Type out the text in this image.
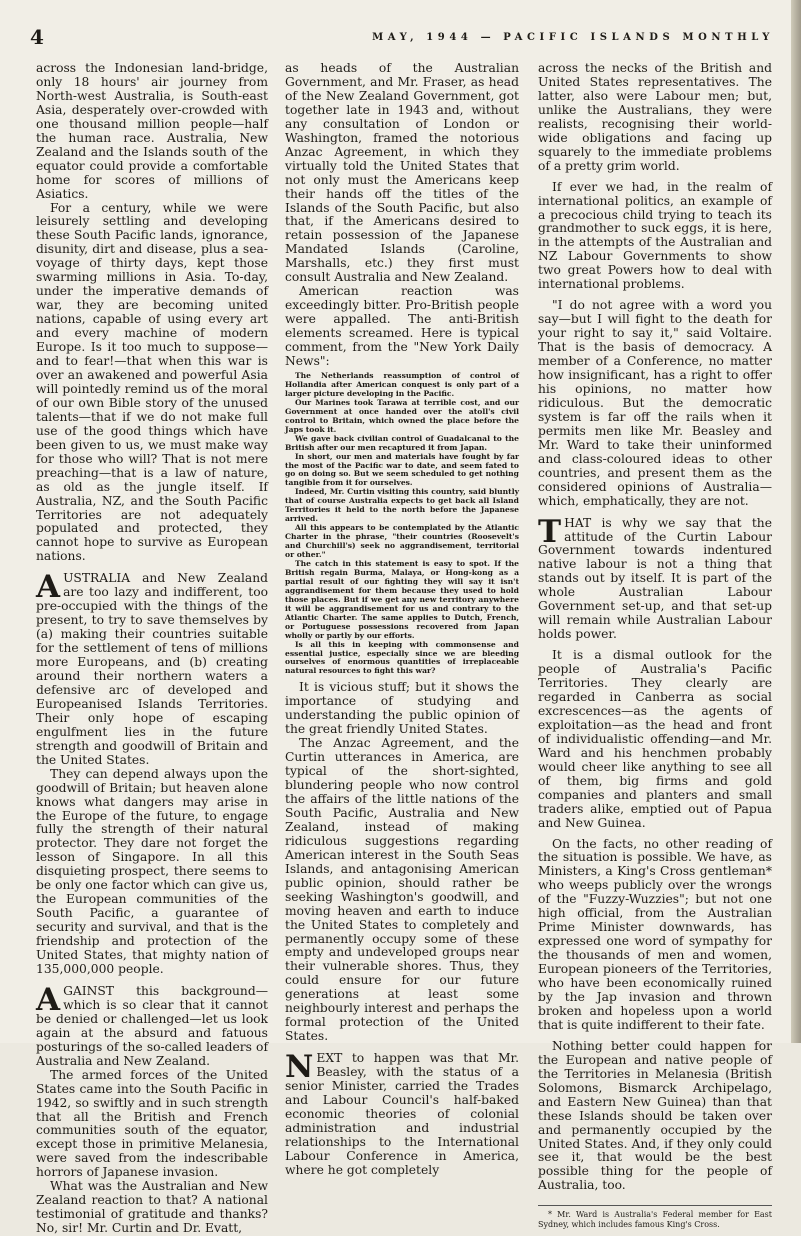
4	MAY, 1944 — PACIFIC ISLANDS MONTHLY

across the Indonesian land-bridge, only 18 hours' air journey from North-west Australia, is South-east Asia, desperately over-crowded with one thousand million people—half the human race. Australia, New Zealand and the Islands south of the equator could provide a comfortable home for scores of millions of Asiatics.

For a century, while we were leisurely settling and developing these South Pacific lands, ignorance, disunity, dirt and disease, plus a sea-voyage of thirty days, kept those swarming millions in Asia. To-day, under the imperative demands of war, they are becoming united nations, capable of using every art and every machine of modern Europe. Is it too much to suppose—and to fear!—that when this war is over an awakened and powerful Asia will pointedly remind us of the moral of our own Bible story of the unused talents—that if we do not make full use of the good things which have been given to us, we must make way for those who will? That is not mere preaching—that is a law of nature, as old as the jungle itself. If Australia, NZ, and the South Pacific Territories are not adequately populated and protected, they cannot hope to survive as European nations.

AUSTRALIA and New Zealand are too lazy and indifferent, too pre-occupied with the things of the present, to try to save themselves by (a) making their countries suitable for the settlement of tens of millions more Europeans, and (b) creating around their northern waters a defensive arc of developed and Europeanised Islands Territories. Their only hope of escaping engulfment lies in the future strength and goodwill of Britain and the United States.

They can depend always upon the goodwill of Britain; but heaven alone knows what dangers may arise in the Europe of the future, to engage fully the strength of their natural protector. They dare not forget the lesson of Singapore. In all this disquieting prospect, there seems to be only one factor which can give us, the European communities of the South Pacific, a guarantee of security and survival, and that is the friendship and protection of the United States, that mighty nation of 135,000,000 people.

AGAINST this background—which is so clear that it cannot be denied or challenged—let us look again at the absurd and fatuous posturings of the so-called leaders of Australia and New Zealand.

The armed forces of the United States came into the South Pacific in 1942, so swiftly and in such strength that all the British and French communities south of the equator, except those in primitive Melanesia, were saved from the indescribable horrors of Japanese invasion.

What was the Australian and New Zealand reaction to that? A national testimonial of gratitude and thanks? No, sir! Mr. Curtin and Dr. Evatt,

as heads of the Australian Government, and Mr. Fraser, as head of the New Zealand Government, got together late in 1943 and, without any consultation of London or Washington, framed the notorious Anzac Agreement, in which they virtually told the United States that not only must the Americans keep their hands off the titles of the Islands of the South Pacific, but also that, if the Americans desired to retain possession of the Japanese Mandated Islands (Caroline, Marshalls, etc.) they first must consult Australia and New Zealand.

American reaction was exceedingly bitter. Pro-British people were appalled. The anti-British elements screamed. Here is typical comment, from the "New York Daily News":

The Netherlands reassumption of control of Hollandia after American conquest is only part of a larger picture developing in the Pacific.

Our Marines took Tarawa at terrible cost, and our Government at once handed over the atoll's civil control to Britain, which owned the place before the Japs took it.

We gave back civilian control of Guadalcanal to the British after our men recaptured it from Japan.

In short, our men and materials have fought by far the most of the Pacific war to date, and seem fated to go on doing so. But we seem scheduled to get nothing tangible from it for ourselves.

Indeed, Mr. Curtin visiting this country, said bluntly that of course Australia expects to get back all Island Territories it held to the north before the Japanese arrived.

All this appears to be contemplated by the Atlantic Charter in the phrase, "their countries (Roosevelt's and Churchill's) seek no aggrandisement, territorial or other."

The catch in this statement is easy to spot. If the British regain Burma, Malaya, or Hong-kong as a partial result of our fighting they will say it isn't aggrandisement for them because they used to hold those places. But if we get any new territory anywhere it will be aggrandisement for us and contrary to the Atlantic Charter. The same applies to Dutch, French, or Portuguese possessions recovered from Japan wholly or partly by our efforts.

Is all this in keeping with commonsense and essential justice, especially since we are bleeding ourselves of enormous quantities of irreplaceable natural resources to fight this war?

It is vicious stuff; but it shows the importance of studying and understanding the public opinion of the great friendly United States.

The Anzac Agreement, and the Curtin utterances in America, are typical of the short-sighted, blundering people who now control the affairs of the little nations of the South Pacific, Australia and New Zealand, instead of making ridiculous suggestions regarding American interest in the South Seas Islands, and antagonising American public opinion, should rather be seeking Washington's goodwill, and moving heaven and earth to induce the United States to completely and permanently occupy some of these empty and undeveloped groups near their vulnerable shores. Thus, they could ensure for our future generations at least some neighbourly interest and perhaps the formal protection of the United States.

NEXT to happen was that Mr. Beasley, with the status of a senior Minister, carried the Trades and Labour Council's half-baked economic theories of colonial administration and industrial relationships to the International Labour Conference in America, where he got completely

across the necks of the British and United States representatives. The latter, also were Labour men; but, unlike the Australians, they were realists, recognising their world-wide obligations and facing up squarely to the immediate problems of a pretty grim world.

If ever we had, in the realm of international politics, an example of a precocious child trying to teach its grandmother to suck eggs, it is here, in the attempts of the Australian and NZ Labour Governments to show two great Powers how to deal with international problems.

"I do not agree with a word you say—but I will fight to the death for your right to say it," said Voltaire. That is the basis of democracy. A member of a Conference, no matter how insignificant, has a right to offer his opinions, no matter how ridiculous. But the democratic system is far off the rails when it permits men like Mr. Beasley and Mr. Ward to take their uninformed and class-coloured ideas to other countries, and present them as the considered opinions of Australia—which, emphatically, they are not.

THAT is why we say that the attitude of the Curtin Labour Government towards indentured native labour is not a thing that stands out by itself. It is part of the whole Australian Labour Government set-up, and that set-up will remain while Australian Labour holds power.

It is a dismal outlook for the people of Australia's Pacific Territories. They clearly are regarded in Canberra as social excrescences—as the agents of exploitation—as the head and front of individualistic offending—and Mr. Ward and his henchmen probably would cheer like anything to see all of them, big firms and gold companies and planters and small traders alike, emptied out of Papua and New Guinea.

On the facts, no other reading of the situation is possible. We have, as Ministers, a King's Cross gentleman* who weeps publicly over the wrongs of the "Fuzzy-Wuzzies"; but not one high official, from the Australian Prime Minister downwards, has expressed one word of sympathy for the thousands of men and women, European pioneers of the Territories, who have been economically ruined by the Jap invasion and thrown broken and hopeless upon a world that is quite indifferent to their fate.

Nothing better could happen for the European and native people of the Territories in Melanesia (British Solomons, Bismarck Archipelago, and Eastern New Guinea) than that these Islands should be taken over and permanently occupied by the United States. And, if they only could see it, that would be the best possible thing for the people of Australia, too.

* Mr. Ward is Australia's Federal member for East Sydney, which includes famous King's Cross.
